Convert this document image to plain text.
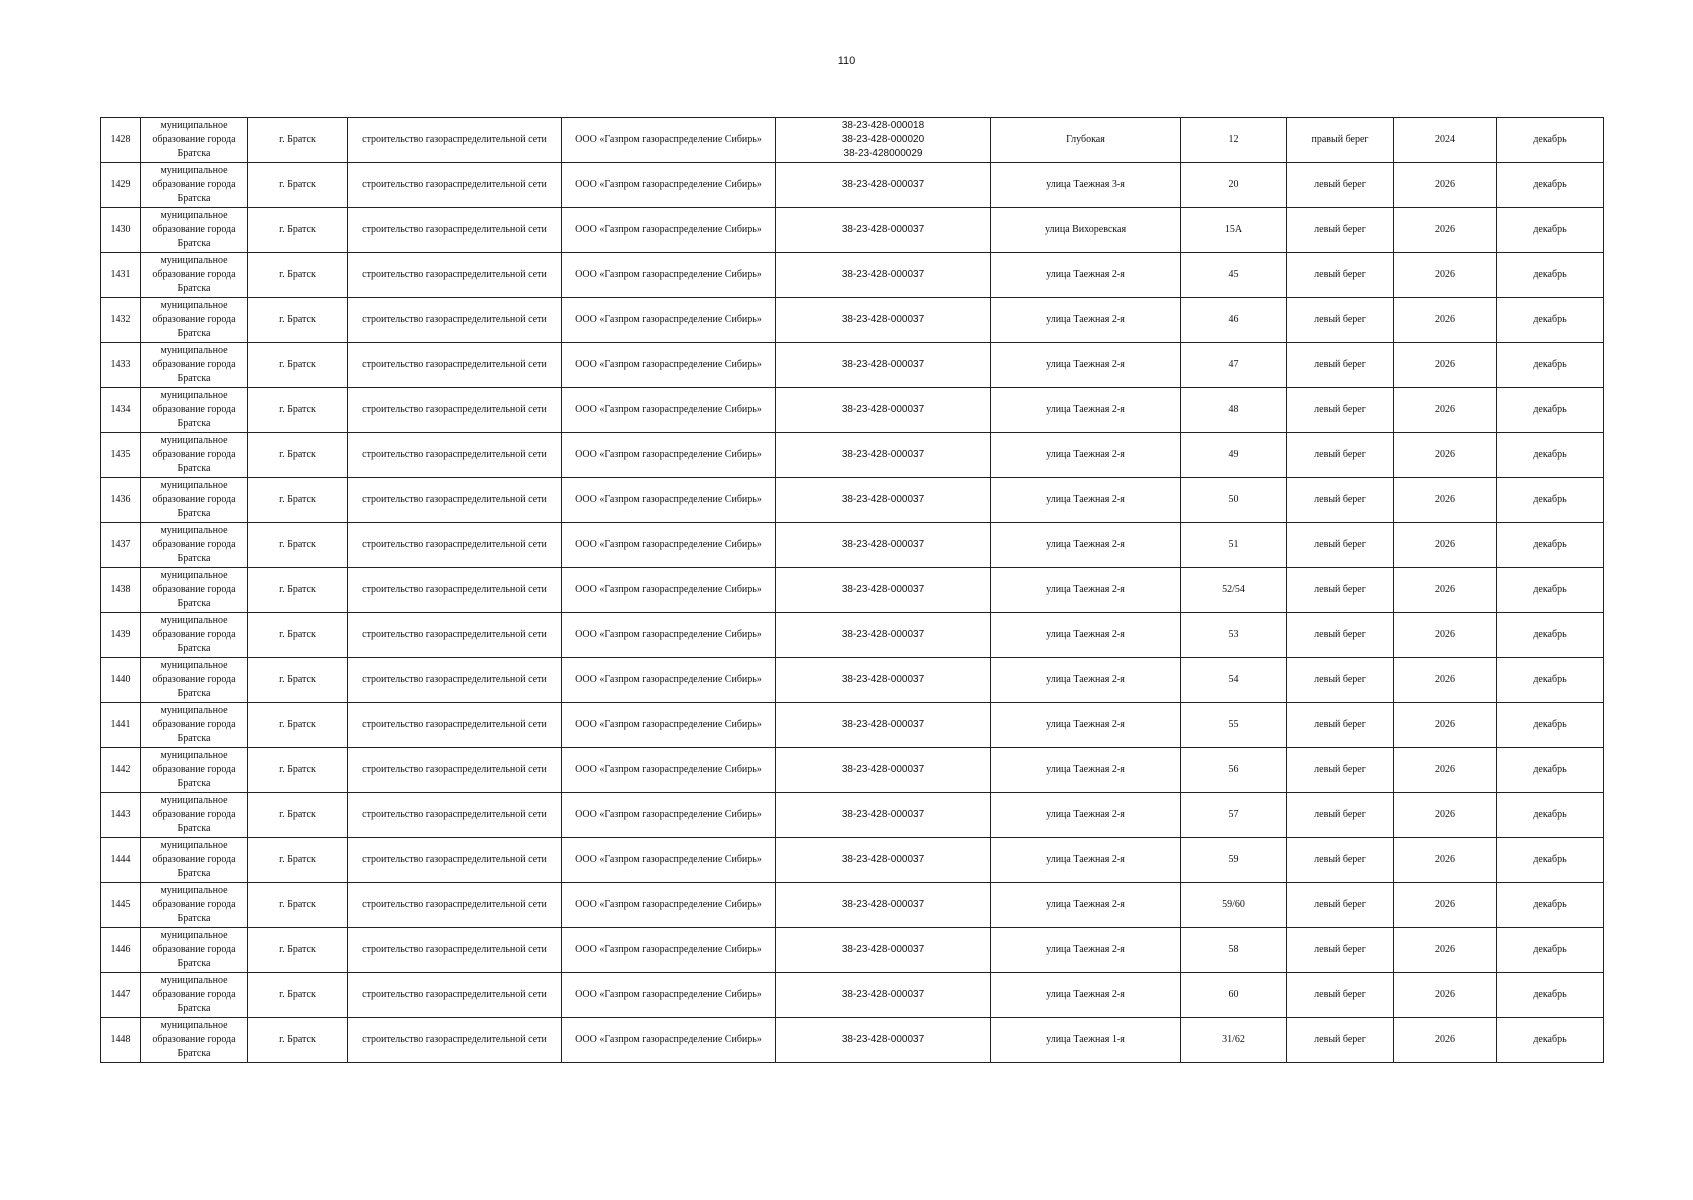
110
1428	муниципальное образование города Братска	г. Братск	строительство газораспределительной сети	ООО «Газпром газораспределение Сибирь»	38-23-428-000018
38-23-428-000020
38-23-428000029	Глубокая	12	правый берег	2024	декабрь
1429	муниципальное образование города Братска	г. Братск	строительство газораспределительной сети	ООО «Газпром газораспределение Сибирь»	38-23-428-000037	улица Таежная 3-я	20	левый берег	2026	декабрь
1430	муниципальное образование города Братска	г. Братск	строительство газораспределительной сети	ООО «Газпром газораспределение Сибирь»	38-23-428-000037	улица Вихоревская	15А	левый берег	2026	декабрь
1431	муниципальное образование города Братска	г. Братск	строительство газораспределительной сети	ООО «Газпром газораспределение Сибирь»	38-23-428-000037	улица Таежная 2-я	45	левый берег	2026	декабрь
1432	муниципальное образование города Братска	г. Братск	строительство газораспределительной сети	ООО «Газпром газораспределение Сибирь»	38-23-428-000037	улица Таежная 2-я	46	левый берег	2026	декабрь
1433	муниципальное образование города Братска	г. Братск	строительство газораспределительной сети	ООО «Газпром газораспределение Сибирь»	38-23-428-000037	улица Таежная 2-я	47	левый берег	2026	декабрь
1434	муниципальное образование города Братска	г. Братск	строительство газораспределительной сети	ООО «Газпром газораспределение Сибирь»	38-23-428-000037	улица Таежная 2-я	48	левый берег	2026	декабрь
1435	муниципальное образование города Братска	г. Братск	строительство газораспределительной сети	ООО «Газпром газораспределение Сибирь»	38-23-428-000037	улица Таежная 2-я	49	левый берег	2026	декабрь
1436	муниципальное образование города Братска	г. Братск	строительство газораспределительной сети	ООО «Газпром газораспределение Сибирь»	38-23-428-000037	улица Таежная 2-я	50	левый берег	2026	декабрь
1437	муниципальное образование города Братска	г. Братск	строительство газораспределительной сети	ООО «Газпром газораспределение Сибирь»	38-23-428-000037	улица Таежная 2-я	51	левый берег	2026	декабрь
1438	муниципальное образование города Братска	г. Братск	строительство газораспределительной сети	ООО «Газпром газораспределение Сибирь»	38-23-428-000037	улица Таежная 2-я	52/54	левый берег	2026	декабрь
1439	муниципальное образование города Братска	г. Братск	строительство газораспределительной сети	ООО «Газпром газораспределение Сибирь»	38-23-428-000037	улица Таежная 2-я	53	левый берег	2026	декабрь
1440	муниципальное образование города Братска	г. Братск	строительство газораспределительной сети	ООО «Газпром газораспределение Сибирь»	38-23-428-000037	улица Таежная 2-я	54	левый берег	2026	декабрь
1441	муниципальное образование города Братска	г. Братск	строительство газораспределительной сети	ООО «Газпром газораспределение Сибирь»	38-23-428-000037	улица Таежная 2-я	55	левый берег	2026	декабрь
1442	муниципальное образование города Братска	г. Братск	строительство газораспределительной сети	ООО «Газпром газораспределение Сибирь»	38-23-428-000037	улица Таежная 2-я	56	левый берег	2026	декабрь
1443	муниципальное образование города Братска	г. Братск	строительство газораспределительной сети	ООО «Газпром газораспределение Сибирь»	38-23-428-000037	улица Таежная 2-я	57	левый берег	2026	декабрь
1444	муниципальное образование города Братска	г. Братск	строительство газораспределительной сети	ООО «Газпром газораспределение Сибирь»	38-23-428-000037	улица Таежная 2-я	59	левый берег	2026	декабрь
1445	муниципальное образование города Братска	г. Братск	строительство газораспределительной сети	ООО «Газпром газораспределение Сибирь»	38-23-428-000037	улица Таежная 2-я	59/60	левый берег	2026	декабрь
1446	муниципальное образование города Братска	г. Братск	строительство газораспределительной сети	ООО «Газпром газораспределение Сибирь»	38-23-428-000037	улица Таежная 2-я	58	левый берег	2026	декабрь
1447	муниципальное образование города Братска	г. Братск	строительство газораспределительной сети	ООО «Газпром газораспределение Сибирь»	38-23-428-000037	улица Таежная 2-я	60	левый берег	2026	декабрь
1448	муниципальное образование города Братска	г. Братск	строительство газораспределительной сети	ООО «Газпром газораспределение Сибирь»	38-23-428-000037	улица Таежная 1-я	31/62	левый берег	2026	декабрь
